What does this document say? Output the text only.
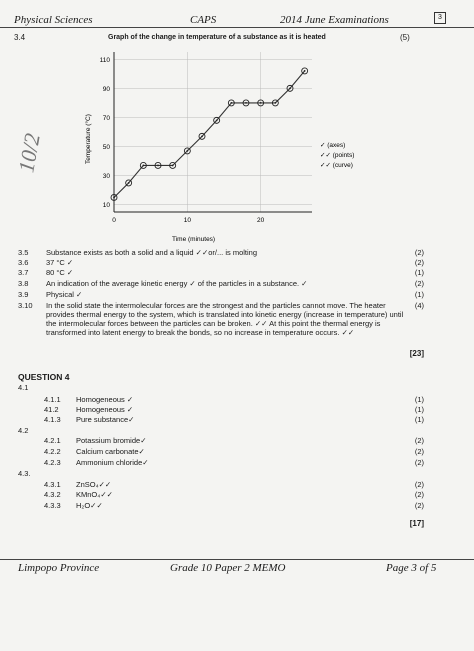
Physical Sciences	CAPS	2014 June Examinations	3
3.4	(5)
Graph of the change in temperature of a substance as it is heated
10/2
10
30
50
70
90
110
0	10	20
Time (minutes)
Temperature (°C)	✓ (axes)
✓✓ (points)
✓✓ (curve)
3.5 Substance exists as both a solid and a liquid ✓✓or/... is molting	(2)
3.6 37 °C ✓	(2)
3.7 80 °C ✓	(1)
3.8 An indication of the average kinetic energy ✓ of the particles in a substance. ✓	(2)
3.9 Physical ✓	(1)
3.10 In the solid state the intermolecular forces are the strongest and the particles cannot move. The heater provides thermal energy to the system, which is translated into kinetic energy (increase in temperature) until the intermolecular forces between the particles can be broken. ✓✓ At this point the thermal energy is transformed into latent energy to break the bonds, so no increase in temperature occurs. ✓✓
(4)
[23]
QUESTION 4
4.1
4.1.1 Homogeneous ✓	(1)
41.2 Homogeneous ✓	(1)
4.1.3 Pure substance✓	(1)
4.2
4.2.1 Potassium bromide✓	(2)
4.2.2 Calcium carbonate✓	(2)
4.2.3 Ammonium chloride✓	(2)
4.3.
4.3.1 ZnSO₄✓✓	(2)
4.3.2 KMnO₄✓✓	(2)
4.3.3 H₂O✓✓	(2)
[17]
Limpopo Province	Grade 10 Paper 2 MEMO	Page 3 of 5
